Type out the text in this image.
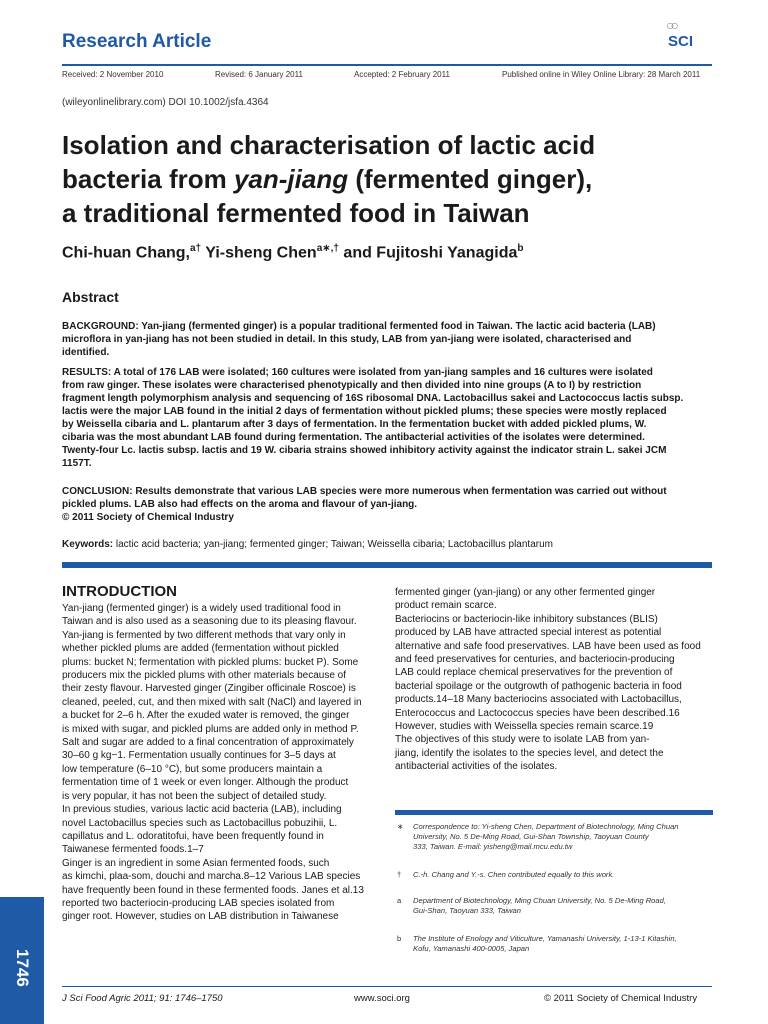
Research Article
○○
SCI
Received: 2 November 2010	Revised: 6 January 2011	Accepted: 2 February 2011	Published online in Wiley Online Library: 28 March 2011
(wileyonlinelibrary.com) DOI 10.1002/jsfa.4364
Isolation and characterisation of lactic acid
bacteria from yan-jiang (fermented ginger),
a traditional fermented food in Taiwan
Chi-huan Chang,$^{a\dagger}$ Yi-sheng Chen$^{a∗,\dagger}$ and Fujitoshi Yanagida$^b$
Abstract
BACKGROUND: Yan-jiang (fermented ginger) is a popular traditional fermented food in Taiwan. The lactic acid bacteria (LAB)
microflora in yan-jiang has not been studied in detail. In this study, LAB from yan-jiang were isolated, characterised and
identified.
RESULTS: A total of 176 LAB were isolated; 160 cultures were isolated from yan-jiang samples and 16 cultures were isolated
from raw ginger. These isolates were characterised phenotypically and then divided into nine groups (A to I) by restriction
fragment length polymorphism analysis and sequencing of 16S ribosomal DNA. Lactobacillus sakei and Lactococcus lactis subsp.
lactis were the major LAB found in the initial 2 days of fermentation without pickled plums; these species were mostly replaced
by Weissella cibaria and L. plantarum after 3 days of fermentation. In the fermentation bucket with added pickled plums, W.
cibaria was the most abundant LAB found during fermentation. The antibacterial activities of the isolates were determined.
Twenty-four Lc. lactis subsp. lactis and 19 W. cibaria strains showed inhibitory activity against the indicator strain L. sakei JCM
1157T.
CONCLUSION: Results demonstrate that various LAB species were more numerous when fermentation was carried out without
pickled plums. LAB also had effects on the aroma and flavour of yan-jiang.
© 2011 Society of Chemical Industry
Keywords: lactic acid bacteria; yan-jiang; fermented ginger; Taiwan; Weissella cibaria; Lactobacillus plantarum
INTRODUCTION
Yan-jiang (fermented ginger) is a widely used traditional food in
Taiwan and is also used as a seasoning due to its pleasing flavour.
Yan-jiang is fermented by two different methods that vary only in
whether pickled plums are added (fermentation without pickled
plums: bucket N; fermentation with pickled plums: bucket P). Some
producers mix the pickled plums with other materials because of
their zesty flavour. Harvested ginger (Zingiber officinale Roscoe) is
cleaned, peeled, cut, and then mixed with salt (NaCl) and layered in
a bucket for 2–6 h. After the exuded water is removed, the ginger
is mixed with sugar, and pickled plums are added only in method P.
Salt and sugar are added to a final concentration of approximately
30–60 g kg−1. Fermentation usually continues for 3–5 days at
low temperature (6–10 °C), but some producers maintain a
fermentation time of 1 week or even longer. Although the product
is very popular, it has not been the subject of detailed study.
In previous studies, various lactic acid bacteria (LAB), including
novel Lactobacillus species such as Lactobacillus pobuzihii, L.
capillatus and L. odoratitofui, have been frequently found in
Taiwanese fermented foods.1–7
Ginger is an ingredient in some Asian fermented foods, such
as kimchi, plaa-som, douchi and marcha.8–12 Various LAB species
have frequently been found in these fermented foods. Janes et al.13
reported two bacteriocin-producing LAB species isolated from
ginger root. However, studies on LAB distribution in Taiwanese
fermented ginger (yan-jiang) or any other fermented ginger
product remain scarce.
Bacteriocins or bacteriocin-like inhibitory substances (BLIS)
produced by LAB have attracted special interest as potential
alternative and safe food preservatives. LAB have been used as food
and feed preservatives for centuries, and bacteriocin-producing
LAB could replace chemical preservatives for the prevention of
bacterial spoilage or the outgrowth of pathogenic bacteria in food
products.14–18 Many bacteriocins associated with Lactobacillus,
Enterococcus and Lactococcus species have been described.16
However, studies with Weissella species remain scarce.19
The objectives of this study were to isolate LAB from yan-
jiang, identify the isolates to the species level, and detect the
antibacterial activities of the isolates.
∗ Correspondence to: Yi-sheng Chen, Department of Biotechnology, Ming Chuan
University, No. 5 De-Ming Road, Gui-Shan Township, Taoyuan County
333, Taiwan. E-mail: yisheng@mail.mcu.edu.tw
† C.-h. Chang and Y.-s. Chen contributed equally to this work.
a Department of Biotechnology, Ming Chuan University, No. 5 De-Ming Road,
Gui-Shan, Taoyuan 333, Taiwan
b The Institute of Enology and Viticulture, Yamanashi University, 1-13-1 Kitashin,
Kofu, Yamanashi 400-0005, Japan
1746
J Sci Food Agric 2011; 91: 1746–1750	www.soci.org	© 2011 Society of Chemical Industry
